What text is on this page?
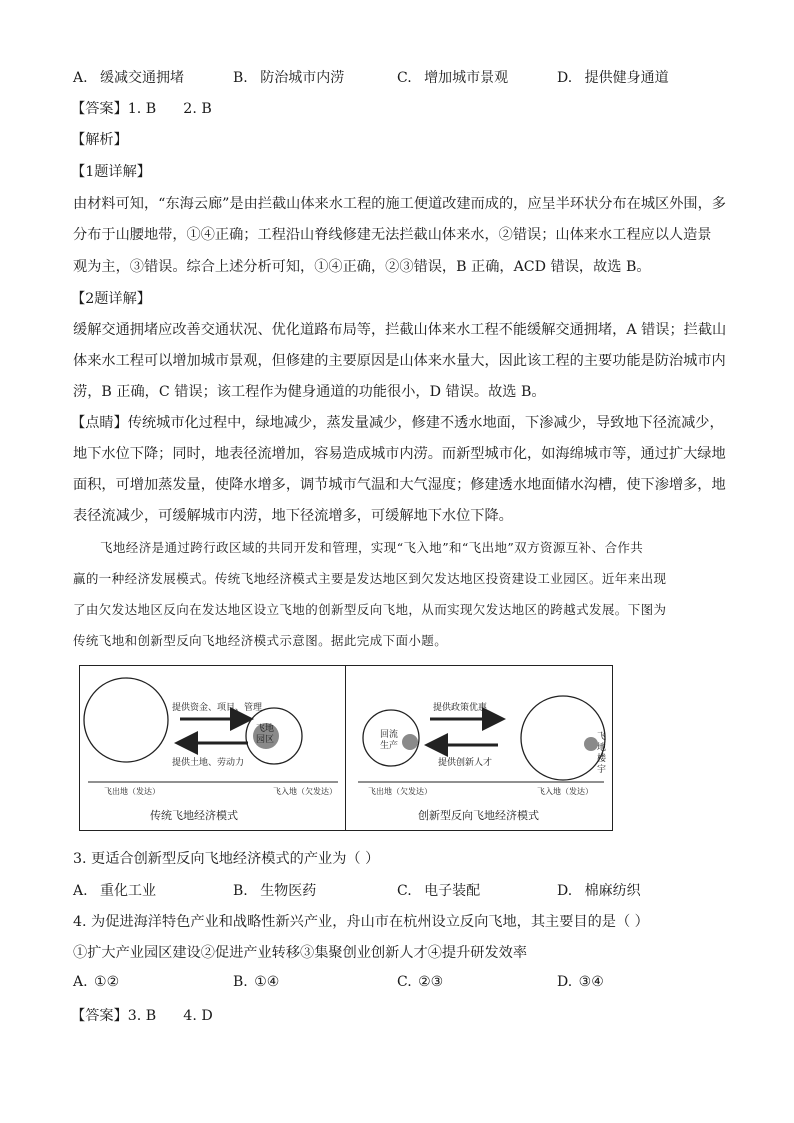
A. 缓减交通拥堵	B. 防治城市内涝	C. 增加城市景观	D. 提供健身通道
【答案】1. B      2. B
【解析】
【1题详解】
由材料可知，“东海云廊”是由拦截山体来水工程的施工便道改建而成的，应呈半环状分布在城区外围，多
分布于山腰地带，①④正确；工程沿山脊线修建无法拦截山体来水，②错误；山体来水工程应以人造景
观为主，③错误。综合上述分析可知，①④正确，②③错误，B 正确，ACD 错误，故选 B。
【2题详解】
缓解交通拥堵应改善交通状况、优化道路布局等，拦截山体来水工程不能缓解交通拥堵，A 错误；拦截山
体来水工程可以增加城市景观，但修建的主要原因是山体来水量大，因此该工程的主要功能是防治城市内
涝，B 正确，C 错误；该工程作为健身通道的功能很小，D 错误。故选 B。
【点睛】传统城市化过程中，绿地减少，蒸发量减少，修建不透水地面，下渗减少，导致地下径流减少，
地下水位下降；同时，地表径流增加，容易造成城市内涝。而新型城市化，如海绵城市等，通过扩大绿地
面积，可增加蒸发量，使降水增多，调节城市气温和大气湿度；修建透水地面储水沟槽，使下渗增多，地
表径流减少，可缓解城市内涝，地下径流增多，可缓解地下水位下降。
飞地经济是通过跨行政区域的共同开发和管理，实现“飞入地”和“飞出地”双方资源互补、合作共
赢的一种经济发展模式。传统飞地经济模式主要是发达地区到欠发达地区投资建设工业园区。近年来出现
了由欠发达地区反向在发达地区设立飞地的创新型反向飞地，从而实现欠发达地区的跨越式发展。下图为
传统飞地和创新型反向飞地经济模式示意图。据此完成下面小题。
提供资金、项目、管理
提供土地、劳动力
飞地园区
飞出地（发达）	飞入地（欠发达）
传统飞地经济模式
提供政策优惠
提供创新人才
回流生产
飞地楼宇
飞出地（欠发达）	飞入地（发达）
创新型反向飞地经济模式
3. 更适合创新型反向飞地经济模式的产业为（ ）
A. 重化工业	B. 生物医药	C. 电子装配	D. 棉麻纺织
4. 为促进海洋特色产业和战略性新兴产业，舟山市在杭州设立反向飞地，其主要目的是（ ）
①扩大产业园区建设②促进产业转移③集聚创业创新人才④提升研发效率
A. ①②	B. ①④	C. ②③	D. ③④
【答案】3. B      4. D
